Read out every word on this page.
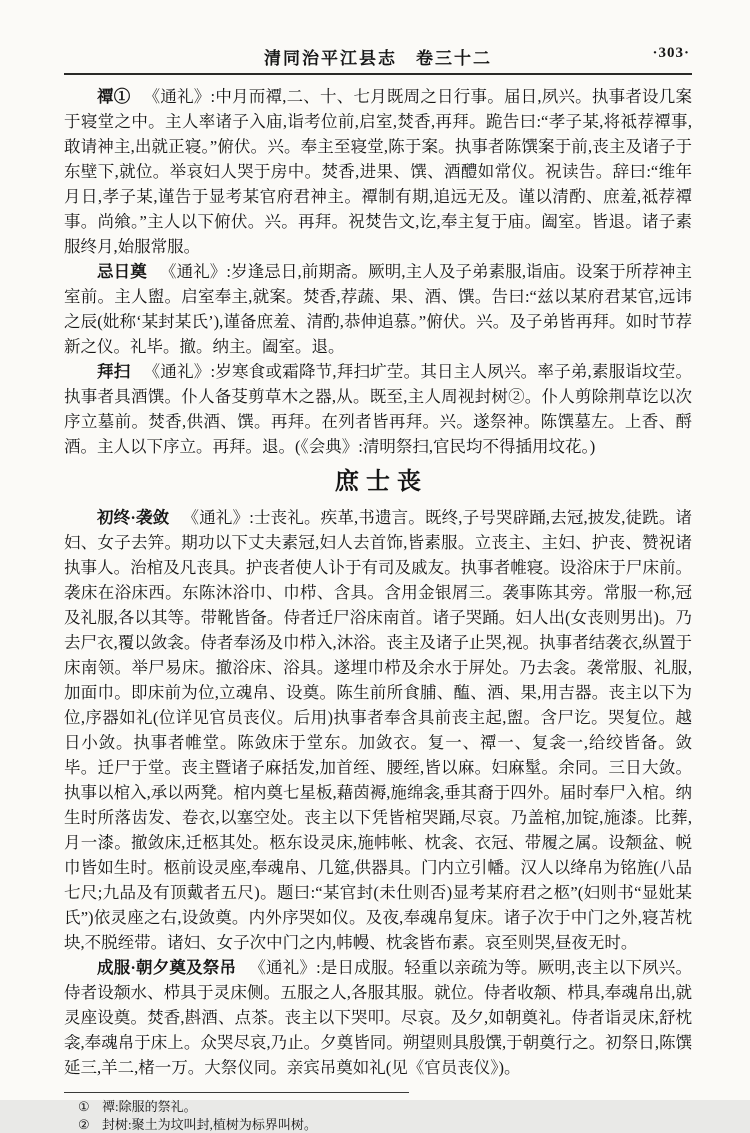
清同治平江县志　卷三十二	·303·

禫① 《通礼》:中月而禫,二、十、七月既周之日行事。届日,夙兴。执事者设几案于寝堂之中。主人率诸子入庙,诣考位前,启室,焚香,再拜。跪告曰:“孝子某,将祗荐禫事,敢请神主,出就正寝。”俯伏。兴。奉主至寝堂,陈于案。执事者陈馔案于前,丧主及诸子于东壁下,就位。举哀妇人哭于房中。焚香,进果、馔、酒醴如常仪。祝读告。辞曰:“维年月日,孝子某,谨告于显考某官府君神主。禫制有期,追远无及。谨以清酌、庶羞,祗荐禫事。尚飨。”主人以下俯伏。兴。再拜。祝焚告文,讫,奉主复于庙。阖室。皆退。诸子素服终月,始服常服。

忌日奠 《通礼》:岁逢忌日,前期斋。厥明,主人及子弟素服,诣庙。设案于所荐神主室前。主人盥。启室奉主,就案。焚香,荐蔬、果、酒、馔。告曰:“兹以某府君某官,远讳之辰(妣称‘某封某氏’),谨备庶羞、清酌,恭伸追慕。”俯伏。兴。及子弟皆再拜。如时节荐新之仪。礼毕。撤。纳主。阖室。退。

拜扫 《通礼》:岁寒食或霜降节,拜扫圹茔。其日主人夙兴。率子弟,素服诣坟茔。执事者具酒馔。仆人备芟剪草木之器,从。既至,主人周视封树②。仆人剪除荆草讫以次序立墓前。焚香,供酒、馔。再拜。在列者皆再拜。兴。遂祭神。陈馔墓左。上香、酹酒。主人以下序立。再拜。退。(《会典》:清明祭扫,官民均不得插用坟花。)

庶士丧

初终·袭敛 《通礼》:士丧礼。疾革,书遗言。既终,子号哭辟踊,去冠,披发,徒跣。诸妇、女子去笄。期功以下丈夫素冠,妇人去首饰,皆素服。立丧主、主妇、护丧、赞祝诸执事人。治棺及凡丧具。护丧者使人讣于有司及戚友。执事者帷寝。设浴床于尸床前。袭床在浴床西。东陈沐浴巾、巾栉、含具。含用金银屑三。袭事陈其旁。常服一称,冠及礼服,各以其等。带靴皆备。侍者迁尸浴床南首。诸子哭踊。妇人出(女丧则男出)。乃去尸衣,覆以敛衾。侍者奉汤及巾栉入,沐浴。丧主及诸子止哭,视。执事者结袭衣,纵置于床南领。举尸易床。撤浴床、浴具。遂埋巾栉及余水于屏处。乃去衾。袭常服、礼服,加面巾。即床前为位,立魂帛、设奠。陈生前所食脯、醢、酒、果,用吉器。丧主以下为位,序器如礼(位详见官员丧仪。后用)执事者奉含具前丧主起,盥。含尸讫。哭复位。越日小敛。执事者帷堂。陈敛床于堂东。加敛衣。复一、禫一、复衾一,给绞皆备。敛毕。迁尸于堂。丧主暨诸子麻括发,加首绖、腰绖,皆以麻。妇麻髽。余同。三日大敛。执事以棺入,承以两凳。棺内奠七星板,藉茵褥,施绵衾,垂其裔于四外。届时奉尸入棺。纳生时所落齿发、卷衣,以塞空处。丧主以下凭皆棺哭踊,尽哀。乃盖棺,加锭,施漆。比葬,月一漆。撤敛床,迁柩其处。柩东设灵床,施帏帐、枕衾、衣冠、带履之属。设颒盆、帨巾皆如生时。柩前设灵座,奉魂帛、几筵,供器具。门内立引幡。汉人以绛帛为铭旌(八品七尺;九品及有顶戴者五尺)。题曰:“某官封(未仕则否)显考某府君之柩”(妇则书“显妣某氏”)依灵座之右,设敛奠。内外序哭如仪。及夜,奉魂帛复床。诸子次于中门之外,寝苫枕块,不脱绖带。诸妇、女子次中门之内,帏幔、枕衾皆布素。哀至则哭,昼夜无时。

成服·朝夕奠及祭吊 《通礼》:是日成服。轻重以亲疏为等。厥明,丧主以下夙兴。侍者设颒水、栉具于灵床侧。五服之人,各服其服。就位。侍者收颒、栉具,奉魂帛出,就灵座设奠。焚香,斟酒、点茶。丧主以下哭叩。尽哀。及夕,如朝奠礼。侍者诣灵床,舒枕衾,奉魂帛于床上。众哭尽哀,乃止。夕奠皆同。朔望则具殷馔,于朝奠行之。初祭日,陈馔延三,羊二,楮一万。大祭仪同。亲宾吊奠如礼(见《官员丧仪》)。

① 禫:除服的祭礼。
② 封树:聚土为坟叫封,植树为标界叫树。
